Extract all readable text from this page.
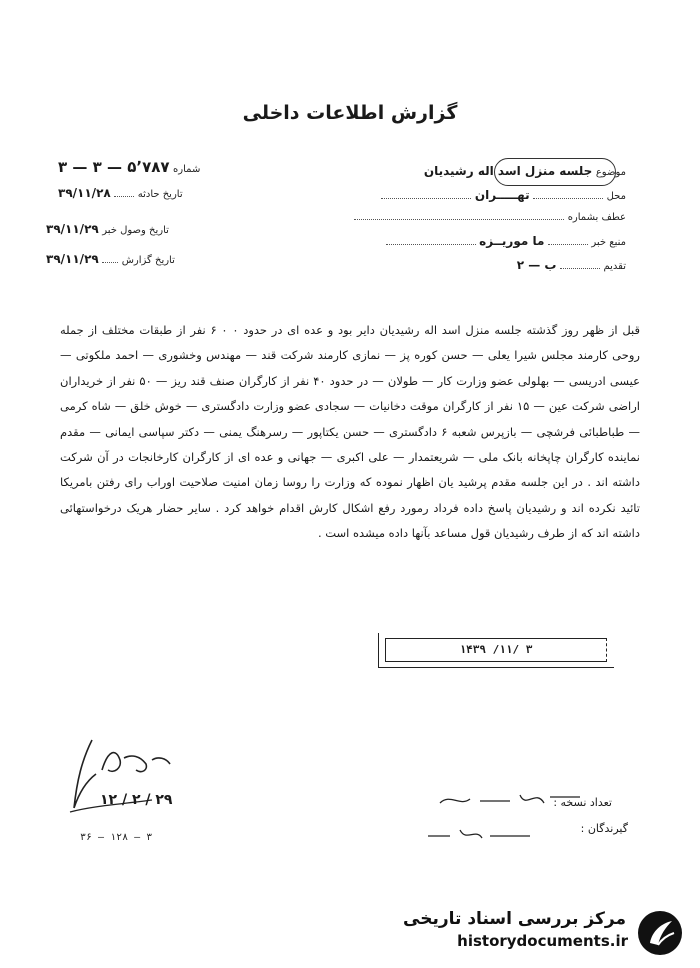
گزارش اطلاعات داخلی
موضوع جلسه منزل اسد اله رشیدیان
محل  تهـــــران
عطف بشماره
منبع خبر  ما موریــزه
تقدیم  ب — ۲
شماره ۵٬۷۸۷ — ۳ — ۳
تاریخ حادثه  ۳۹/۱۱/۲۸
تاریخ وصول خبر ۳۹/۱۱/۲۹
تاریخ گزارش  ۳۹/۱۱/۲۹
قبل از ظهر روز گذشته جلسه منزل اسد اله رشیدیان دایر بود و عده ای در حدود ۰ ۰ ۶ نفر از طبقات مختلف از جمله روحی کارمند مجلس شیرا یعلی — حسن کوره پز — نمازی کارمند شرکت قند — مهندس وخشوری — احمد ملکوتی — عیسی ادریسی — بهلولی عضو وزارت کار — طولان — در حدود ۴۰ نفر از کارگران صنف قند ریز — ۵۰ نفر از خریداران اراضی شرکت عین — ۱۵ نفر از کارگران موقت دخانیات — سجادی عضو وزارت دادگستری — خوش خلق — شاه کرمی — طباطبائی فرشچی — بازپرس شعبه ۶ دادگستری — حسن یکتاپور — رسرهنگ یمنی — دکتر سپاسی ایمانی — مقدم نماینده کارگران چاپخانه بانک ملی — شریعتمدار — علی اکبری — جهانی و عده ای از کارگران کارخانجات در آن شرکت داشته اند . در این جلسه مقدم پرشید یان اظهار نموده که وزارت را روسا زمان امنیت صلاحیت اوراب رای رفتن بامریکا تائید نکرده اند و رشیدیان پاسخ داده فرداد رمورد رفع اشکال کارش اقدام خواهد کرد . سایر حضار هریک درخواستهائی داشته اند که از طرف رشیدیان قول مساعد بآنها داده میشده است .
۱۴۳۹ /۱۱/ ۳
۱۲ / ۲ / ۲۹	تعداد نسخه :
گیرندگان :
۳۶ — ۱۲۸ — ۳
مرکز بررسی اسناد تاریخی
historydocuments.ir
